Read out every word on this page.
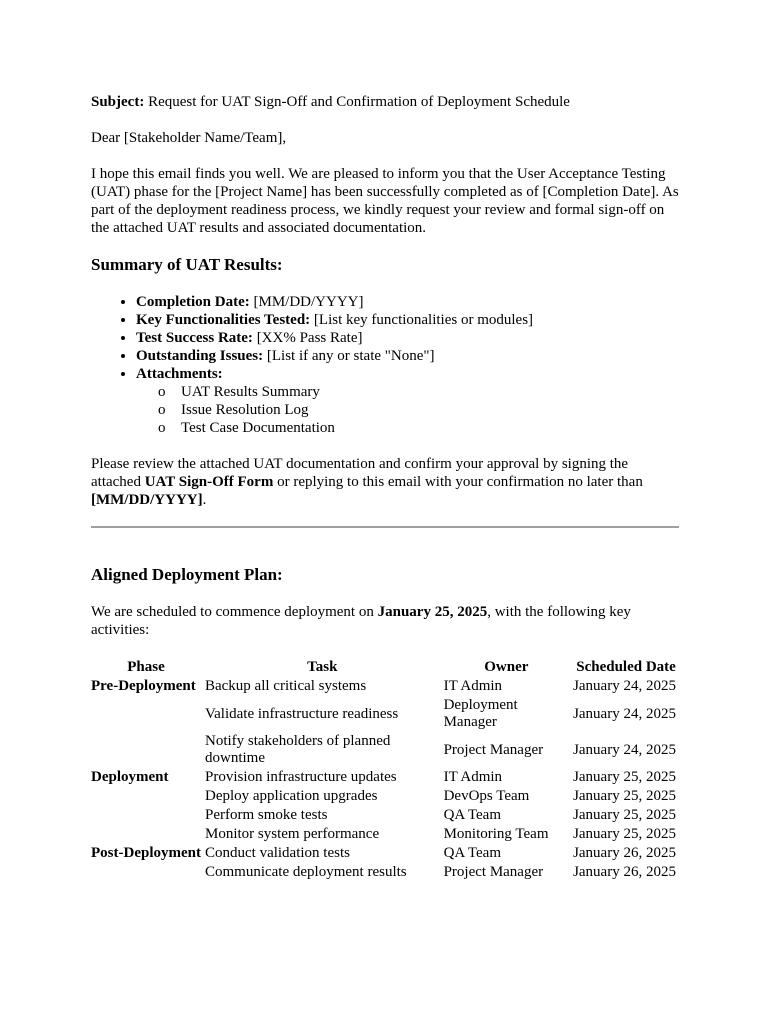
Subject: Request for UAT Sign-Off and Confirmation of Deployment Schedule

Dear [Stakeholder Name/Team],

I hope this email finds you well. We are pleased to inform you that the User Acceptance Testing (UAT) phase for the [Project Name] has been successfully completed as of [Completion Date]. As part of the deployment readiness process, we kindly request your review and formal sign-off on the attached UAT results and associated documentation.

Summary of UAT Results:
• Completion Date: [MM/DD/YYYY]
• Key Functionalities Tested: [List key functionalities or modules]
• Test Success Rate: [XX% Pass Rate]
• Outstanding Issues: [List if any or state "None"]
• Attachments:
o UAT Results Summary
o Issue Resolution Log
o Test Case Documentation

Please review the attached UAT documentation and confirm your approval by signing the attached UAT Sign-Off Form or replying to this email with your confirmation no later than [MM/DD/YYYY].

Aligned Deployment Plan:

We are scheduled to commence deployment on January 25, 2025, with the following key activities:

Phase	Task	Owner	Scheduled Date
Pre-Deployment	Backup all critical systems	IT Admin	January 24, 2025
	Validate infrastructure readiness	Deployment Manager	January 24, 2025
	Notify stakeholders of planned downtime	Project Manager	January 24, 2025
Deployment	Provision infrastructure updates	IT Admin	January 25, 2025
	Deploy application upgrades	DevOps Team	January 25, 2025
	Perform smoke tests	QA Team	January 25, 2025
	Monitor system performance	Monitoring Team	January 25, 2025
Post-Deployment	Conduct validation tests	QA Team	January 26, 2025
	Communicate deployment results	Project Manager	January 26, 2025
